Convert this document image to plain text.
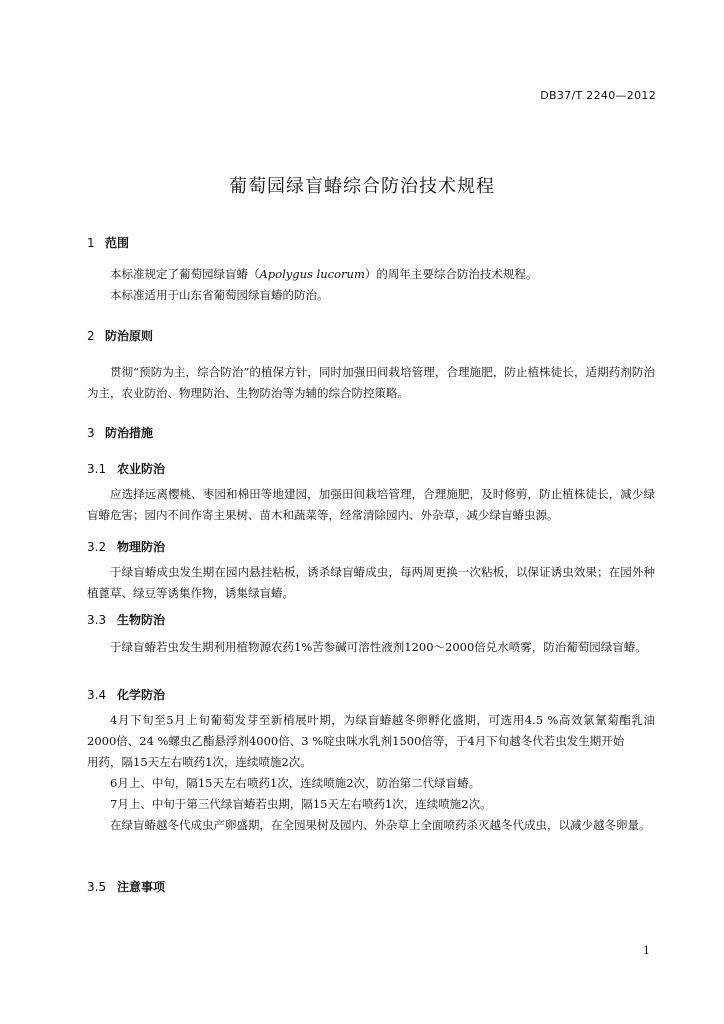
DB37/T 2240—2012
葡萄园绿盲蝽综合防治技术规程
1 范围

本标准规定了葡萄园绿盲蝽（Apolygus lucorum）的周年主要综合防治技术规程。

本标准适用于山东省葡萄园绿盲蝽的防治。

2 防治原则

贯彻“预防为主，综合防治”的植保方针，同时加强田间栽培管理，合理施肥，防止植株徒长，适期药剂防治为主，农业防治、物理防治、生物防治等为辅的综合防控策略。

3 防治措施
3.1 农业防治

应选择远离樱桃、枣园和棉田等地建园，加强田间栽培管理，合理施肥，及时修剪，防止植株徒长，减少绿盲蝽危害；园内不间作寄主果树、苗木和蔬菜等，经常清除园内、外杂草，减少绿盲蝽虫源。

3.2 物理防治

于绿盲蝽成虫发生期在园内悬挂粘板，诱杀绿盲蝽成虫，每两周更换一次粘板，以保证诱虫效果；在园外种植蓖草、绿豆等诱集作物，诱集绿盲蝽。

3.3 生物防治

于绿盲蝽若虫发生期利用植物源农药1%苦参碱可溶性液剂1200～2000倍兑水喷雾，防治葡萄园绿盲蝽。

3.4 化学防治

4月下旬至5月上旬葡萄发芽至新梢展叶期，为绿盲蝽越冬卵孵化盛期，可选用4.5 %高效氯氰菊酯乳油2000倍、24 %螺虫乙酯悬浮剂4000倍、3 %啶虫咪水乳剂1500倍等，于4月下旬越冬代若虫发生期开始

用药，隔15天左右喷药1次，连续喷施2次。

6月上、中旬，隔15天左右喷药1次，连续喷施2次，防治第二代绿盲蝽。

7月上、中旬于第三代绿盲蝽若虫期，隔15天左右喷药1次，连续喷施2次。

在绿盲蝽越冬代成虫产卵盛期，在全园果树及园内、外杂草上全面喷药杀灭越冬代成虫，以减少越冬卵量。

3.5 注意事项
1
